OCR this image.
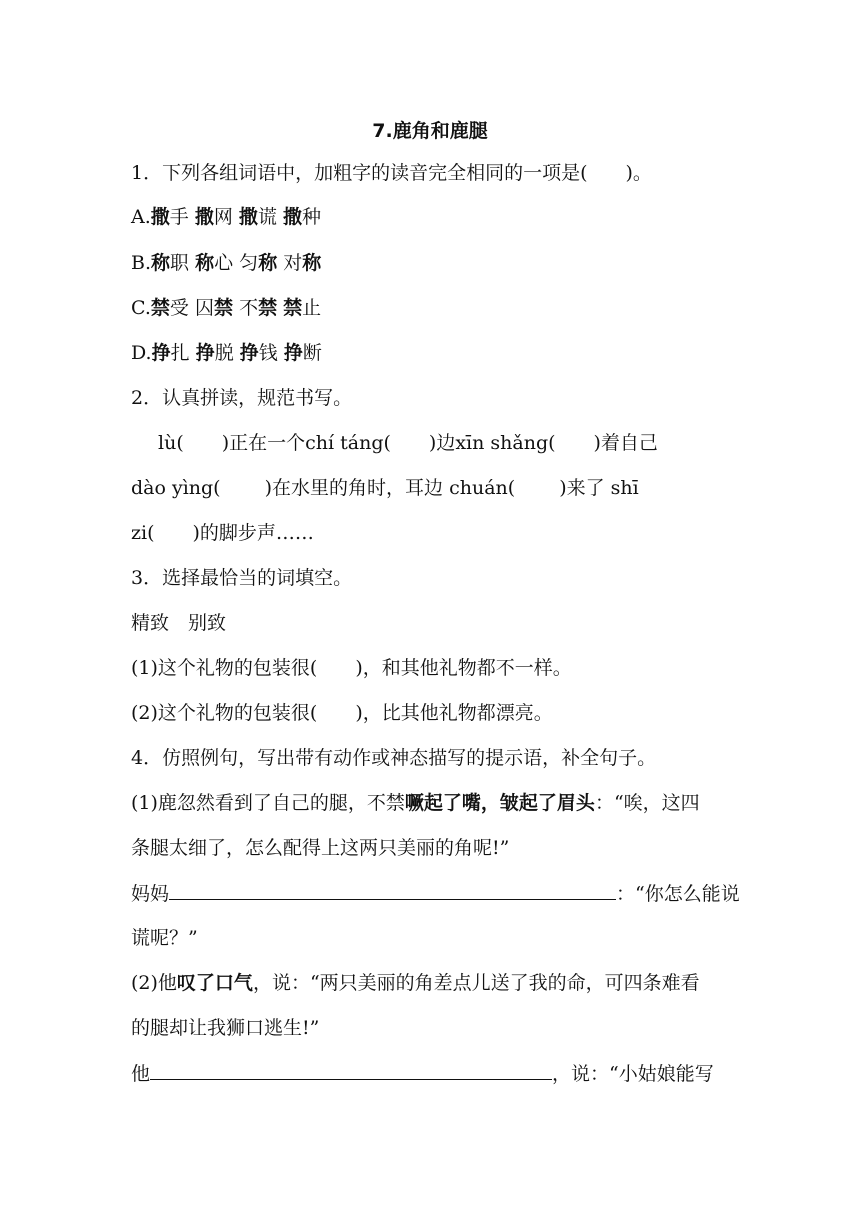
7.鹿角和鹿腿
1．下列各组词语中，加粗字的读音完全相同的一项是(　　)。
A.撒手 撒网 撒谎 撒种
B.称职 称心 匀称 对称
C.禁受 囚禁 不禁 禁止
D.挣扎 挣脱 挣钱 挣断
2．认真拼读，规范书写。
lù(　　)正在一个chí táng(　　)边xīn shǎng(　　)着自己
dào yìng(　　 )在水里的角时，耳边 chuán(　　 )来了 shī
zi(　　)的脚步声……
3．选择最恰当的词填空。
精致　别致
(1)这个礼物的包装很(　　)，和其他礼物都不一样。
(2)这个礼物的包装很(　　)，比其他礼物都漂亮。
4．仿照例句，写出带有动作或神态描写的提示语，补全句子。
(1)鹿忽然看到了自己的腿，不禁噘起了嘴，皱起了眉头：“唉，这四
条腿太细了，怎么配得上这两只美丽的角呢!”
妈妈	：“你怎么能说
谎呢？”
(2)他叹了口气，说：“两只美丽的角差点儿送了我的命，可四条难看
的腿却让我狮口逃生!”
他	，说：“小姑娘能写
